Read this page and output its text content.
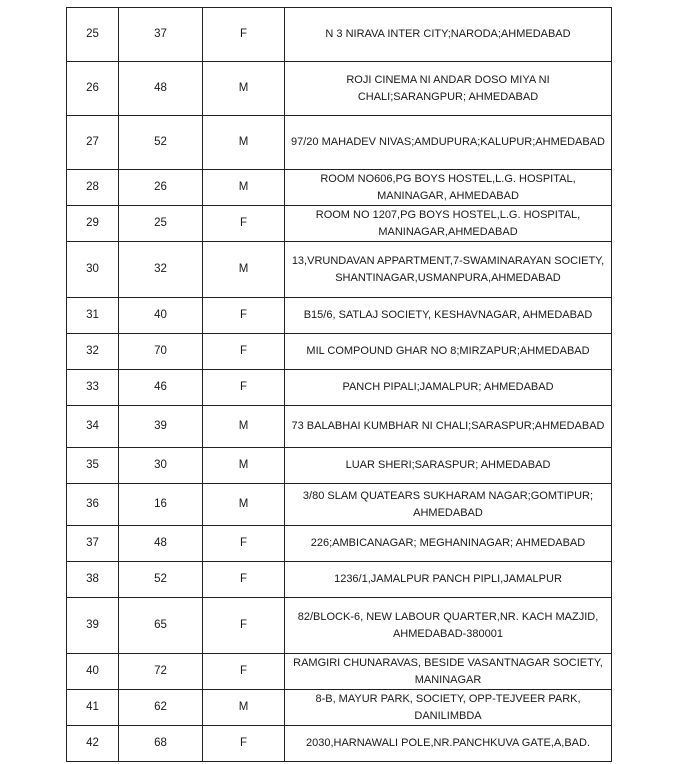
25	37	F	N 3 NIRAVA INTER CITY;NARODA;AHMEDABAD
26	48	M	ROJI CINEMA NI ANDAR DOSO MIYA NI CHALI;SARANGPUR; AHMEDABAD
27	52	M	97/20 MAHADEV NIVAS;AMDUPURA;KALUPUR;AHMEDABAD
28	26	M	ROOM NO606,PG BOYS HOSTEL,L.G. HOSPITAL, MANINAGAR, AHMEDABAD
29	25	F	ROOM NO 1207,PG BOYS HOSTEL,L.G. HOSPITAL, MANINAGAR,AHMEDABAD
30	32	M	13,VRUNDAVAN APPARTMENT,7-SWAMINARAYAN SOCIETY, SHANTINAGAR,USMANPURA,AHMEDABAD
31	40	F	B15/6, SATLAJ SOCIETY, KESHAVNAGAR, AHMEDABAD
32	70	F	MIL COMPOUND GHAR NO 8;MIRZAPUR;AHMEDABAD
33	46	F	PANCH PIPALI;JAMALPUR; AHMEDABAD
34	39	M	73 BALABHAI KUMBHAR NI CHALI;SARASPUR;AHMEDABAD
35	30	M	LUAR SHERI;SARASPUR; AHMEDABAD
36	16	M	3/80 SLAM QUATEARS SUKHARAM NAGAR;GOMTIPUR; AHMEDABAD
37	48	F	226;AMBICANAGAR; MEGHANINAGAR; AHMEDABAD
38	52	F	1236/1,JAMALPUR PANCH PIPLI,JAMALPUR
39	65	F	82/BLOCK-6, NEW LABOUR QUARTER,NR. KACH MAZJID, AHMEDABAD-380001
40	72	F	RAMGIRI CHUNARAVAS, BESIDE VASANTNAGAR SOCIETY, MANINAGAR
41	62	M	8-B, MAYUR PARK, SOCIETY, OPP-TEJVEER PARK, DANILIMBDA
42	68	F	2030,HARNAWALI POLE,NR.PANCHKUVA GATE,A,BAD.
